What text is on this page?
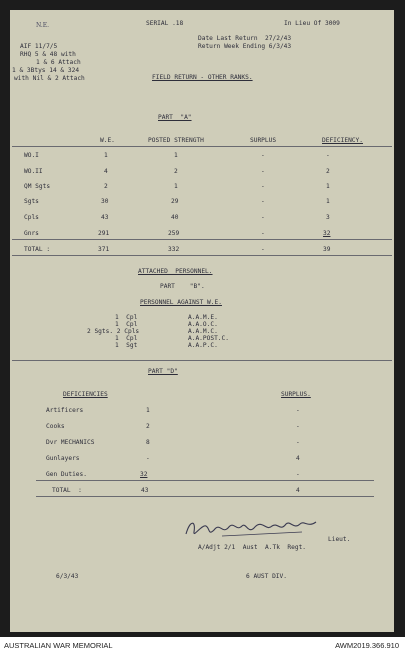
N.E.
AIF 11/7/5
RHQ 5 & 48 with
1 & 6 Attach
1 & 3Btys 14 & 324
with Nil & 2 Attach
SERIAL .18	In Lieu Of 3009
Date Last Return  27/2/43
Return Week Ending 6/3/43
FIELD RETURN - OTHER RANKS.
PART  "A"
W.E.	POSTED STRENGTH	SURPLUS	DEFICIENCY.
WO.I	1	1	-	-
WO.II	4	2	-	2
QM Sgts	2	1	-	1
Sgts	30	29	-	1
Cpls	43	40	-	3
Gnrs	291	259	-	32
TOTAL :	371	332	-	39
ATTACHED  PERSONNEL.
PART    "B".
PERSONNEL AGAINST W.E.
1  Cpl	A.A.M.E.
1  Cpl	A.A.O.C.
2 Sgts. 2 Cpls	A.A.M.C.
1  Cpl	A.A.POST.C.
1  Sgt	A.A.P.C.
PART "D"
DEFICIENCIES	SURPLUS.
Artificers	1	-
Cooks	2	-
Dvr MECHANICS	8	-
Gunlayers	-	4
Gen Duties.	32	-
TOTAL  :	43	4
Lieut.
A/Adjt 2/1  Aust  A.Tk  Regt.
6/3/43	6 AUST DIV.
AUSTRALIAN WAR MEMORIAL	AWM2019.366.910
